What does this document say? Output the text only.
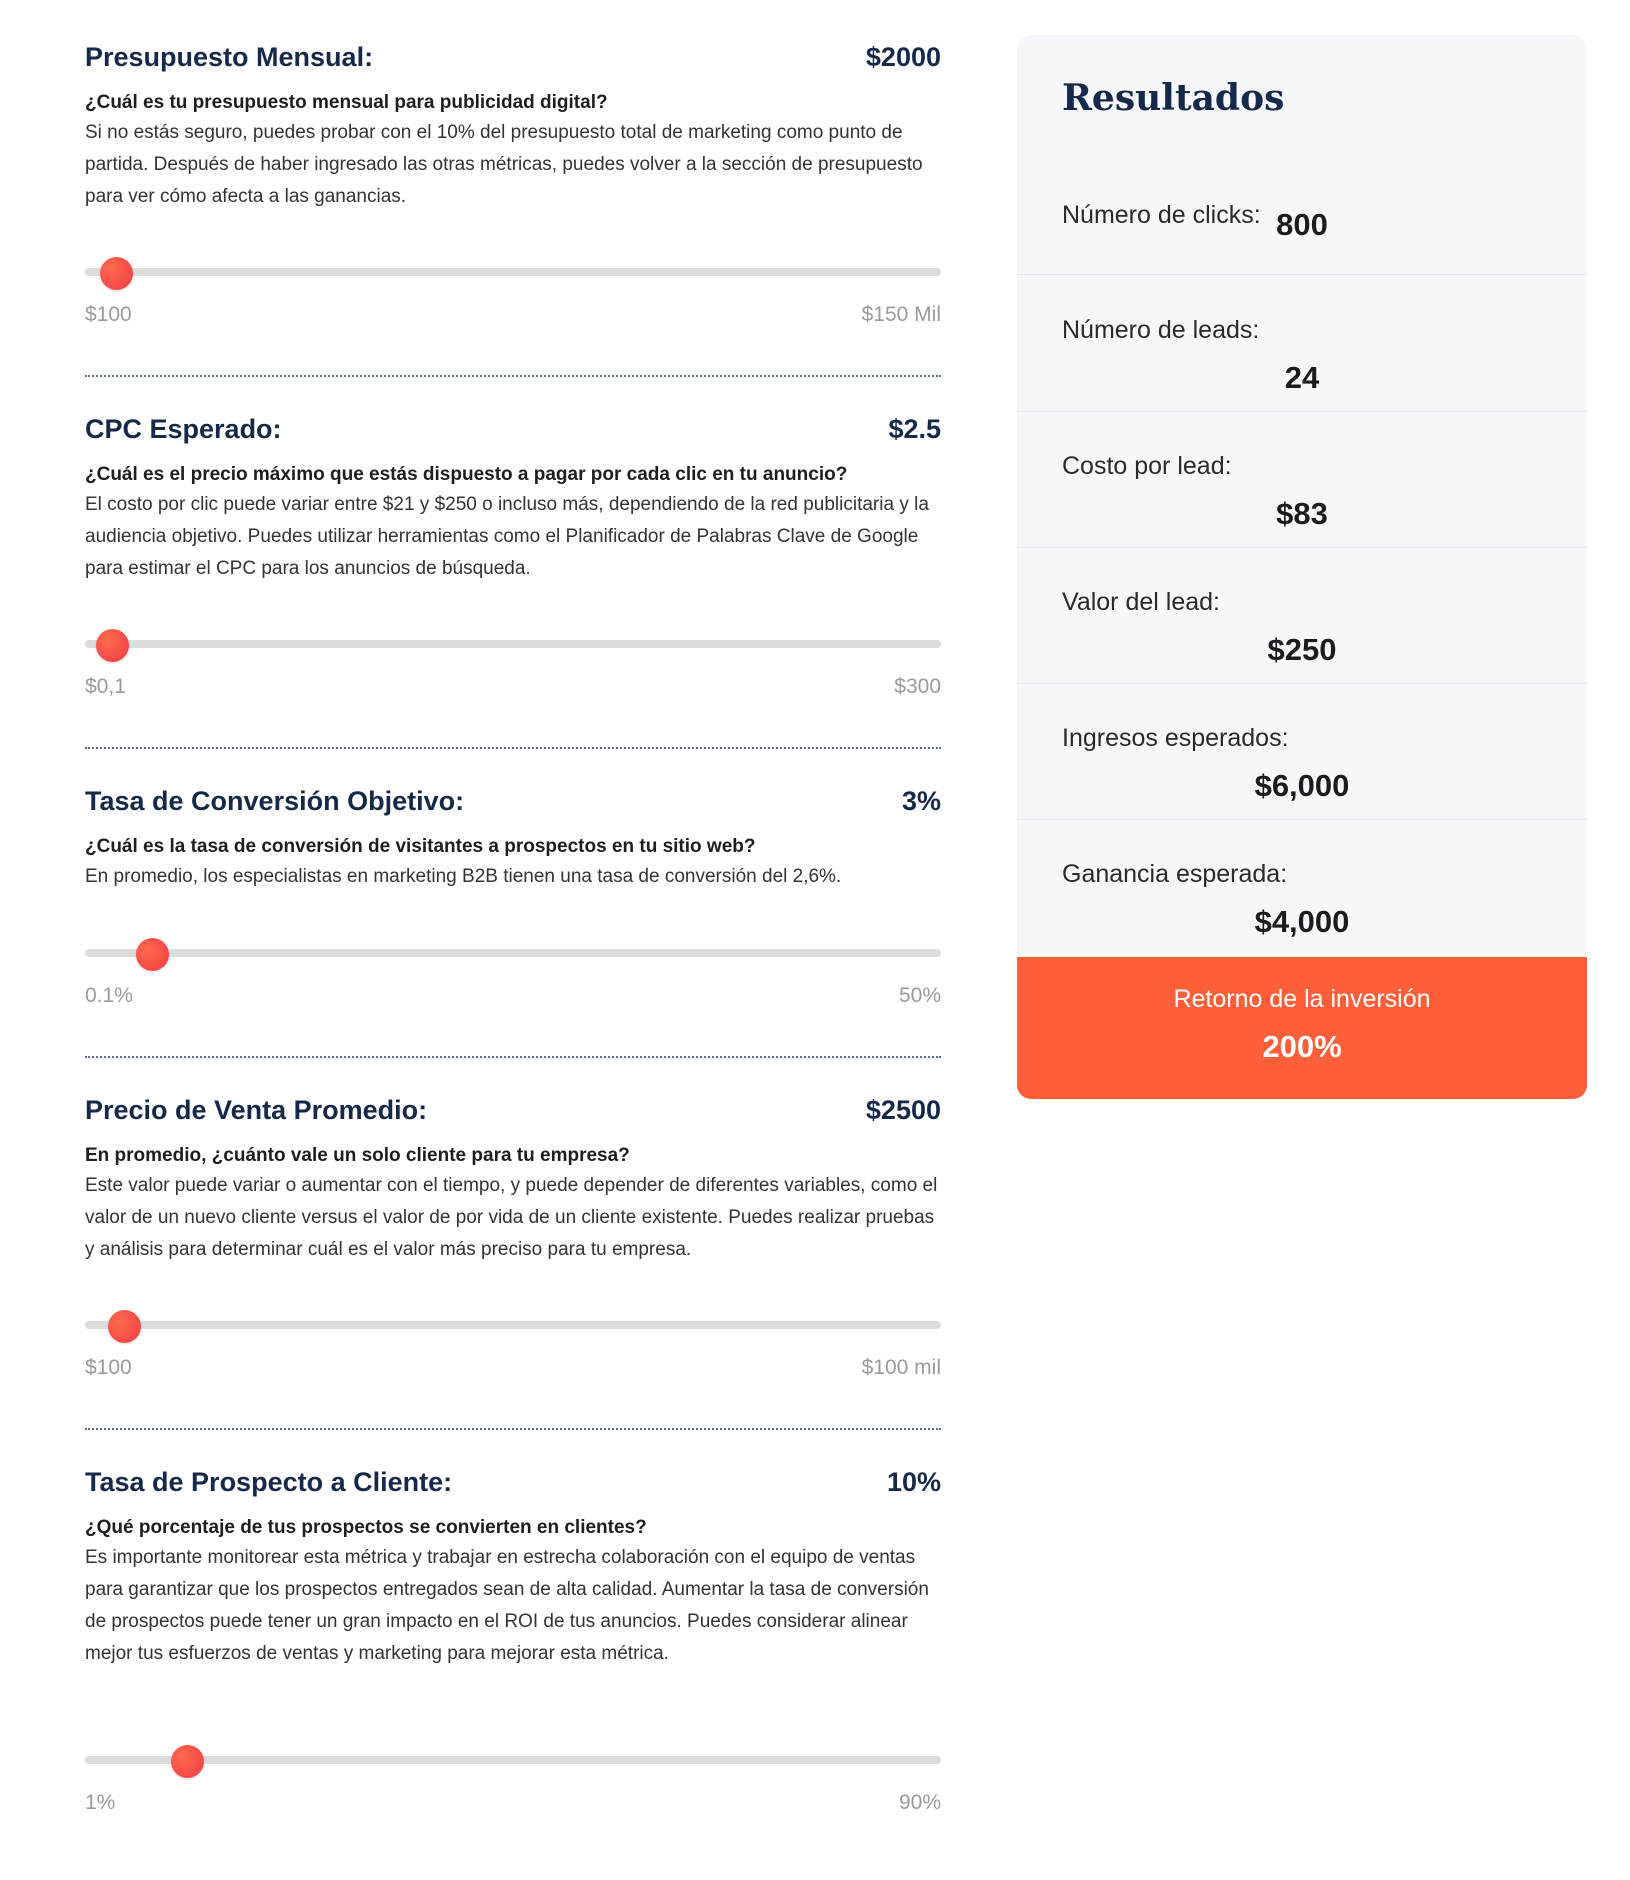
Presupuesto Mensual:	$2000
¿Cuál es tu presupuesto mensual para publicidad digital?
Si no estás seguro, puedes probar con el 10% del presupuesto total de marketing como punto de partida. Después de haber ingresado las otras métricas, puedes volver a la sección de presupuesto para ver cómo afecta a las ganancias.
$100	$150 Mil
CPC Esperado:	$2.5
¿Cuál es el precio máximo que estás dispuesto a pagar por cada clic en tu anuncio?
El costo por clic puede variar entre $21 y $250 o incluso más, dependiendo de la red publicitaria y la audiencia objetivo. Puedes utilizar herramientas como el Planificador de Palabras Clave de Google para estimar el CPC para los anuncios de búsqueda.
$0,1	$300
Tasa de Conversión Objetivo:	3%
¿Cuál es la tasa de conversión de visitantes a prospectos en tu sitio web?
En promedio, los especialistas en marketing B2B tienen una tasa de conversión del 2,6%.
0.1%	50%
Precio de Venta Promedio:	$2500
En promedio, ¿cuánto vale un solo cliente para tu empresa?
Este valor puede variar o aumentar con el tiempo, y puede depender de diferentes variables, como el valor de un nuevo cliente versus el valor de por vida de un cliente existente. Puedes realizar pruebas y análisis para determinar cuál es el valor más preciso para tu empresa.
$100	$100 mil
Tasa de Prospecto a Cliente:	10%
¿Qué porcentaje de tus prospectos se convierten en clientes?
Es importante monitorear esta métrica y trabajar en estrecha colaboración con el equipo de ventas para garantizar que los prospectos entregados sean de alta calidad. Aumentar la tasa de conversión de prospectos puede tener un gran impacto en el ROI de tus anuncios. Puedes considerar alinear mejor tus esfuerzos de ventas y marketing para mejorar esta métrica.
1%	90%
Resultados
Número de clicks: 800
Número de leads:
24
Costo por lead:
$83
Valor del lead:
$250
Ingresos esperados:
$6,000
Ganancia esperada:
$4,000
Retorno de la inversión
200%
